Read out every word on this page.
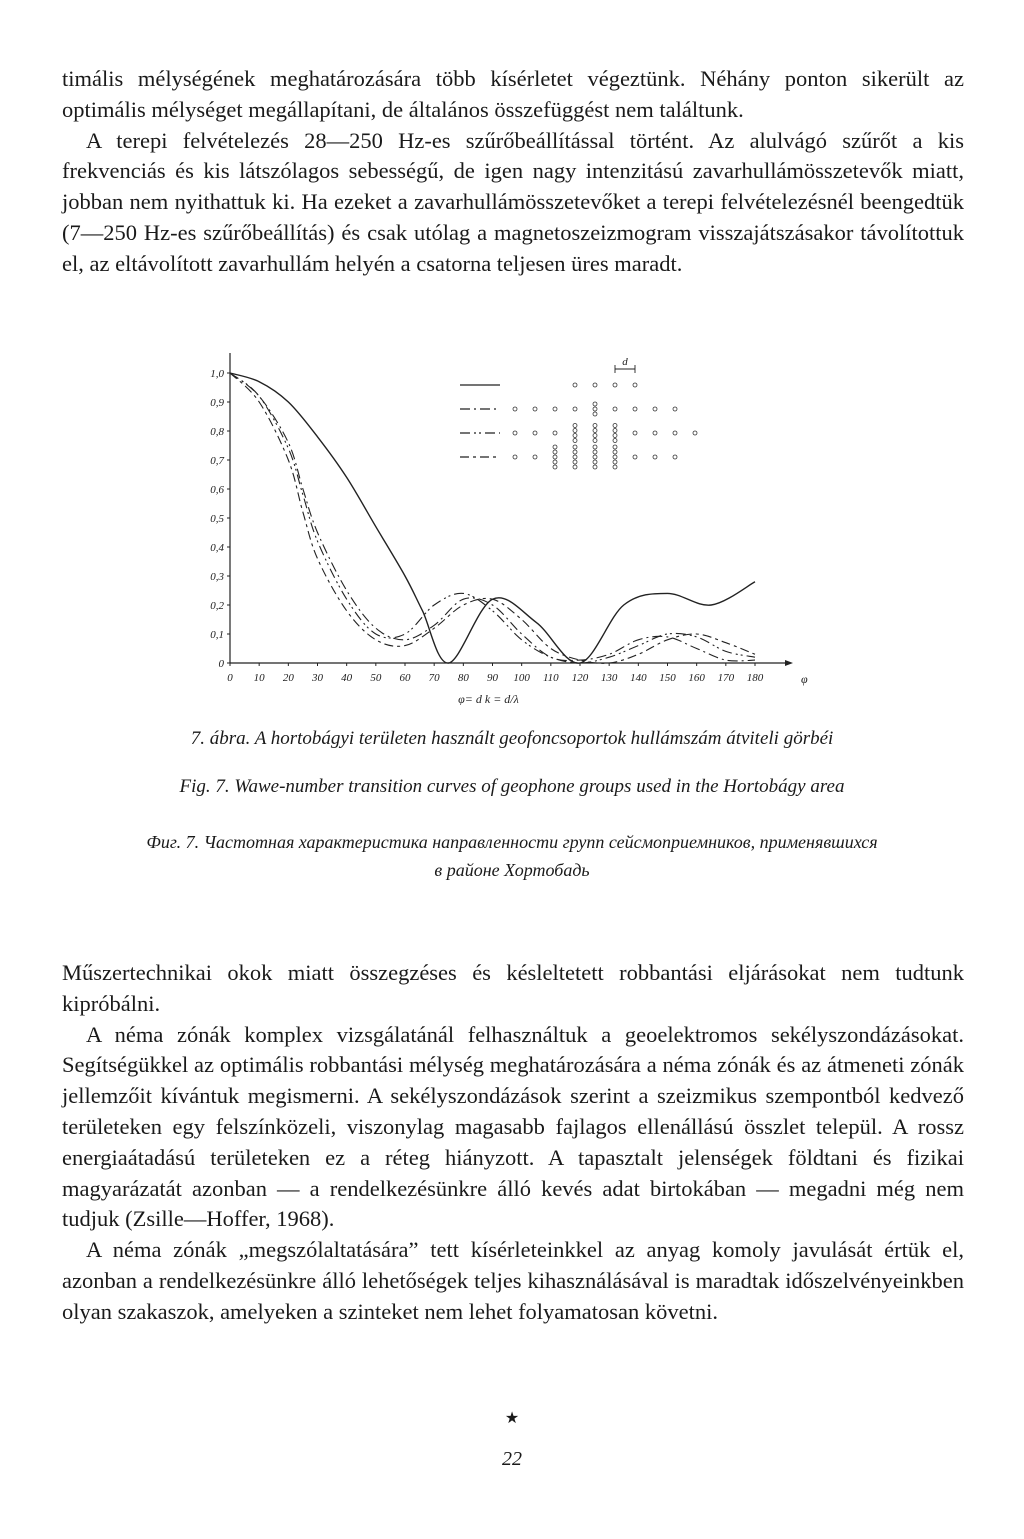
timális mélységének meghatározására több kísérletet végeztünk. Néhány ponton sikerült az optimális mélységet megállapítani, de általános összefüggést nem találtunk.

A terepi felvételezés 28—250 Hz-es szűrőbeállítással történt. Az alulvágó szűrőt a kis frekvenciás és kis látszólagos sebességű, de igen nagy intenzitású zavarhullámösszetevők miatt, jobban nem nyithattuk ki. Ha ezeket a zavarhullámösszetevőket a terepi felvételezésnél beengedtük (7—250 Hz-es szűrőbeállítás) és csak utólag a magnetoszeizmogram visszajátszásakor távolítottuk el, az eltávolított zavarhullám helyén a csatorna teljesen üres maradt.

d
0
0,1
0,2
0,3
0,4
0,5
0,6
0,7
0,8
0,9
1,0
0 10 20 30 40 50 60 70 80 90 100 110 120 130 140 150 160 170 180	φ
φ= d k = d/λ

7. ábra. A hortobágyi területen használt geofoncsoportok hullámszám átviteli görbéi

Fig. 7. Wawe-number transition curves of geophone groups used in the Hortobágy area

Фиг. 7. Частотная характеристика направленности групп сейсмоприемников, применявшихся
в районе Хортобадь

Műszertechnikai okok miatt összegzéses és késleltetett robbantási eljárásokat nem tudtunk kipróbálni.

A néma zónák komplex vizsgálatánál felhasználtuk a geoelektromos sekélyszondázásokat. Segítségükkel az optimális robbantási mélység meghatározására a néma zónák és az átmeneti zónák jellemzőit kívántuk megismerni. A sekélyszondázások szerint a szeizmikus szempontból kedvező területeken egy felszínközeli, viszonylag magasabb fajlagos ellenállású összlet települ. A rossz energiaátadású területeken ez a réteg hiányzott. A tapasztalt jelenségek földtani és fizikai magyarázatát azonban — a rendelkezésünkre álló kevés adat birtokában — megadni még nem tudjuk (Zsille—Hoffer, 1968).

A néma zónák „megszólaltatására” tett kísérleteinkkel az anyag komoly javulását értük el, azonban a rendelkezésünkre álló lehetőségek teljes kihasználásával is maradtak időszelvényeinkben olyan szakaszok, amelyeken a szinteket nem lehet folyamatosan követni.

★
22
